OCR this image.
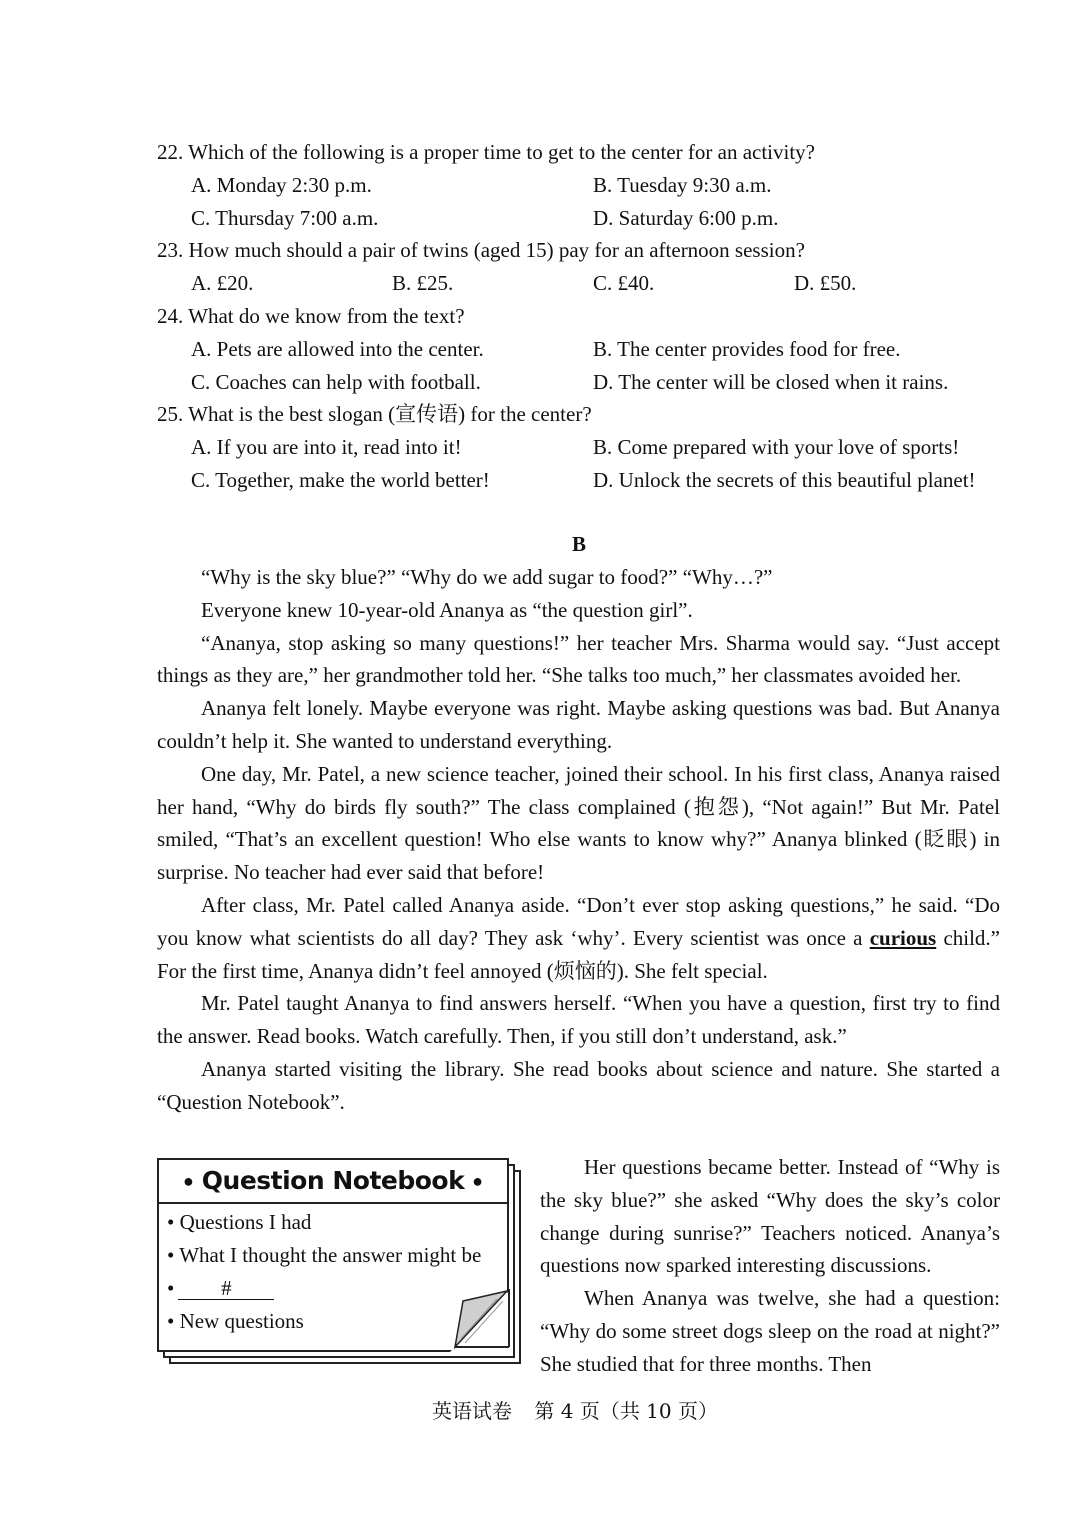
22. Which of the following is a proper time to get to the center for an activity?

A. Monday 2:30 p.m.	B. Tuesday 9:30 a.m.
C. Thursday 7:00 a.m.	D. Saturday 6:00 p.m.

23. How much should a pair of twins (aged 15) pay for an afternoon session?

A. £20.	B. £25.	C. £40.	D. £50.

24. What do we know from the text?

A. Pets are allowed into the center.	B. The center provides food for free.
C. Coaches can help with football.	D. The center will be closed when it rains.

25. What is the best slogan (宣传语) for the center?

A. If you are into it, read into it!	B. Come prepared with your love of sports!
C. Together, make the world better!	D. Unlock the secrets of this beautiful planet!
B

“Why is the sky blue?” “Why do we add sugar to food?” “Why…?”

Everyone knew 10-year-old Ananya as “the question girl”.

“Ananya, stop asking so many questions!” her teacher Mrs. Sharma would say. “Just accept things as they are,” her grandmother told her. “She talks too much,” her classmates avoided her.

Ananya felt lonely. Maybe everyone was right. Maybe asking questions was bad. But Ananya couldn’t help it. She wanted to understand everything.

One day, Mr. Patel, a new science teacher, joined their school. In his first class, Ananya raised her hand, “Why do birds fly south?” The class complained (抱怨), “Not again!” But Mr. Patel smiled, “That’s an excellent question! Who else wants to know why?” Ananya blinked (眨眼) in surprise. No teacher had ever said that before!

After class, Mr. Patel called Ananya aside. “Don’t ever stop asking questions,” he said. “Do you know what scientists do all day? They ask ‘why’. Every scientist was once a curious child.” For the first time, Ananya didn’t feel annoyed (烦恼的). She felt special.

Mr. Patel taught Ananya to find answers herself. “When you have a question, first try to find the answer. Read books. Watch carefully. Then, if you still don’t understand, ask.”

Ananya started visiting the library. She read books about science and nature. She started a “Question Notebook”.

● Question Notebook ●
• Questions I had
• What I thought the answer might be
• #
• New questions

Her questions became better. Instead of “Why is the sky blue?” she asked “Why does the sky’s color change during sunrise?” Teachers noticed. Ananya’s questions now sparked interesting discussions.

When Ananya was twelve, she had a question: “Why do some street dogs sleep on the road at night?” She studied that for three months. Then

英语试卷 第 4 页（共 10 页）
